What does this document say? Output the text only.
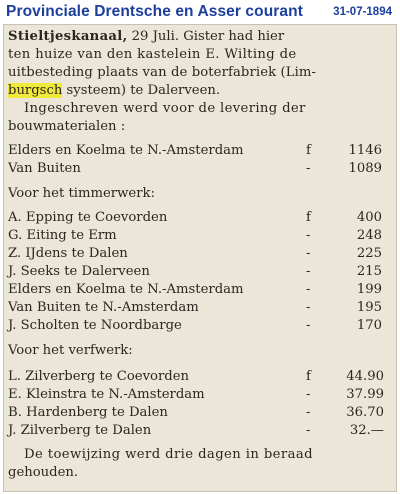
Provinciale Drentsche en Asser courant	31-07-1894
Stieltjeskanaal, 29 Juli. Gister had hier
ten huize van den kastelein E. Wilting de
uitbesteding plaats van de boterfabriek (Lim-
burgsch systeem) te Dalerveen.
Ingeschreven werd voor de levering der
bouwmaterialen :
Elders en Koelma te N.-Amsterdam	f	1146
Van Buiten	-	1089
Voor het timmerwerk:
A. Epping te Coevorden	f	400
G. Eiting te Erm	-	248
Z. IJdens te Dalen	-	225
J. Seeks te Dalerveen	-	215
Elders en Koelma te N.-Amsterdam	-	199
Van Buiten te N.-Amsterdam	-	195
J. Scholten te Noordbarge	-	170
Voor het verfwerk:
L. Zilverberg te Coevorden	f	44.90
E. Kleinstra te N.-Amsterdam	-	37.99
B. Hardenberg te Dalen	-	36.70
J. Zilverberg te Dalen	-	32.—
De toewijzing werd drie dagen in beraad
gehouden.
